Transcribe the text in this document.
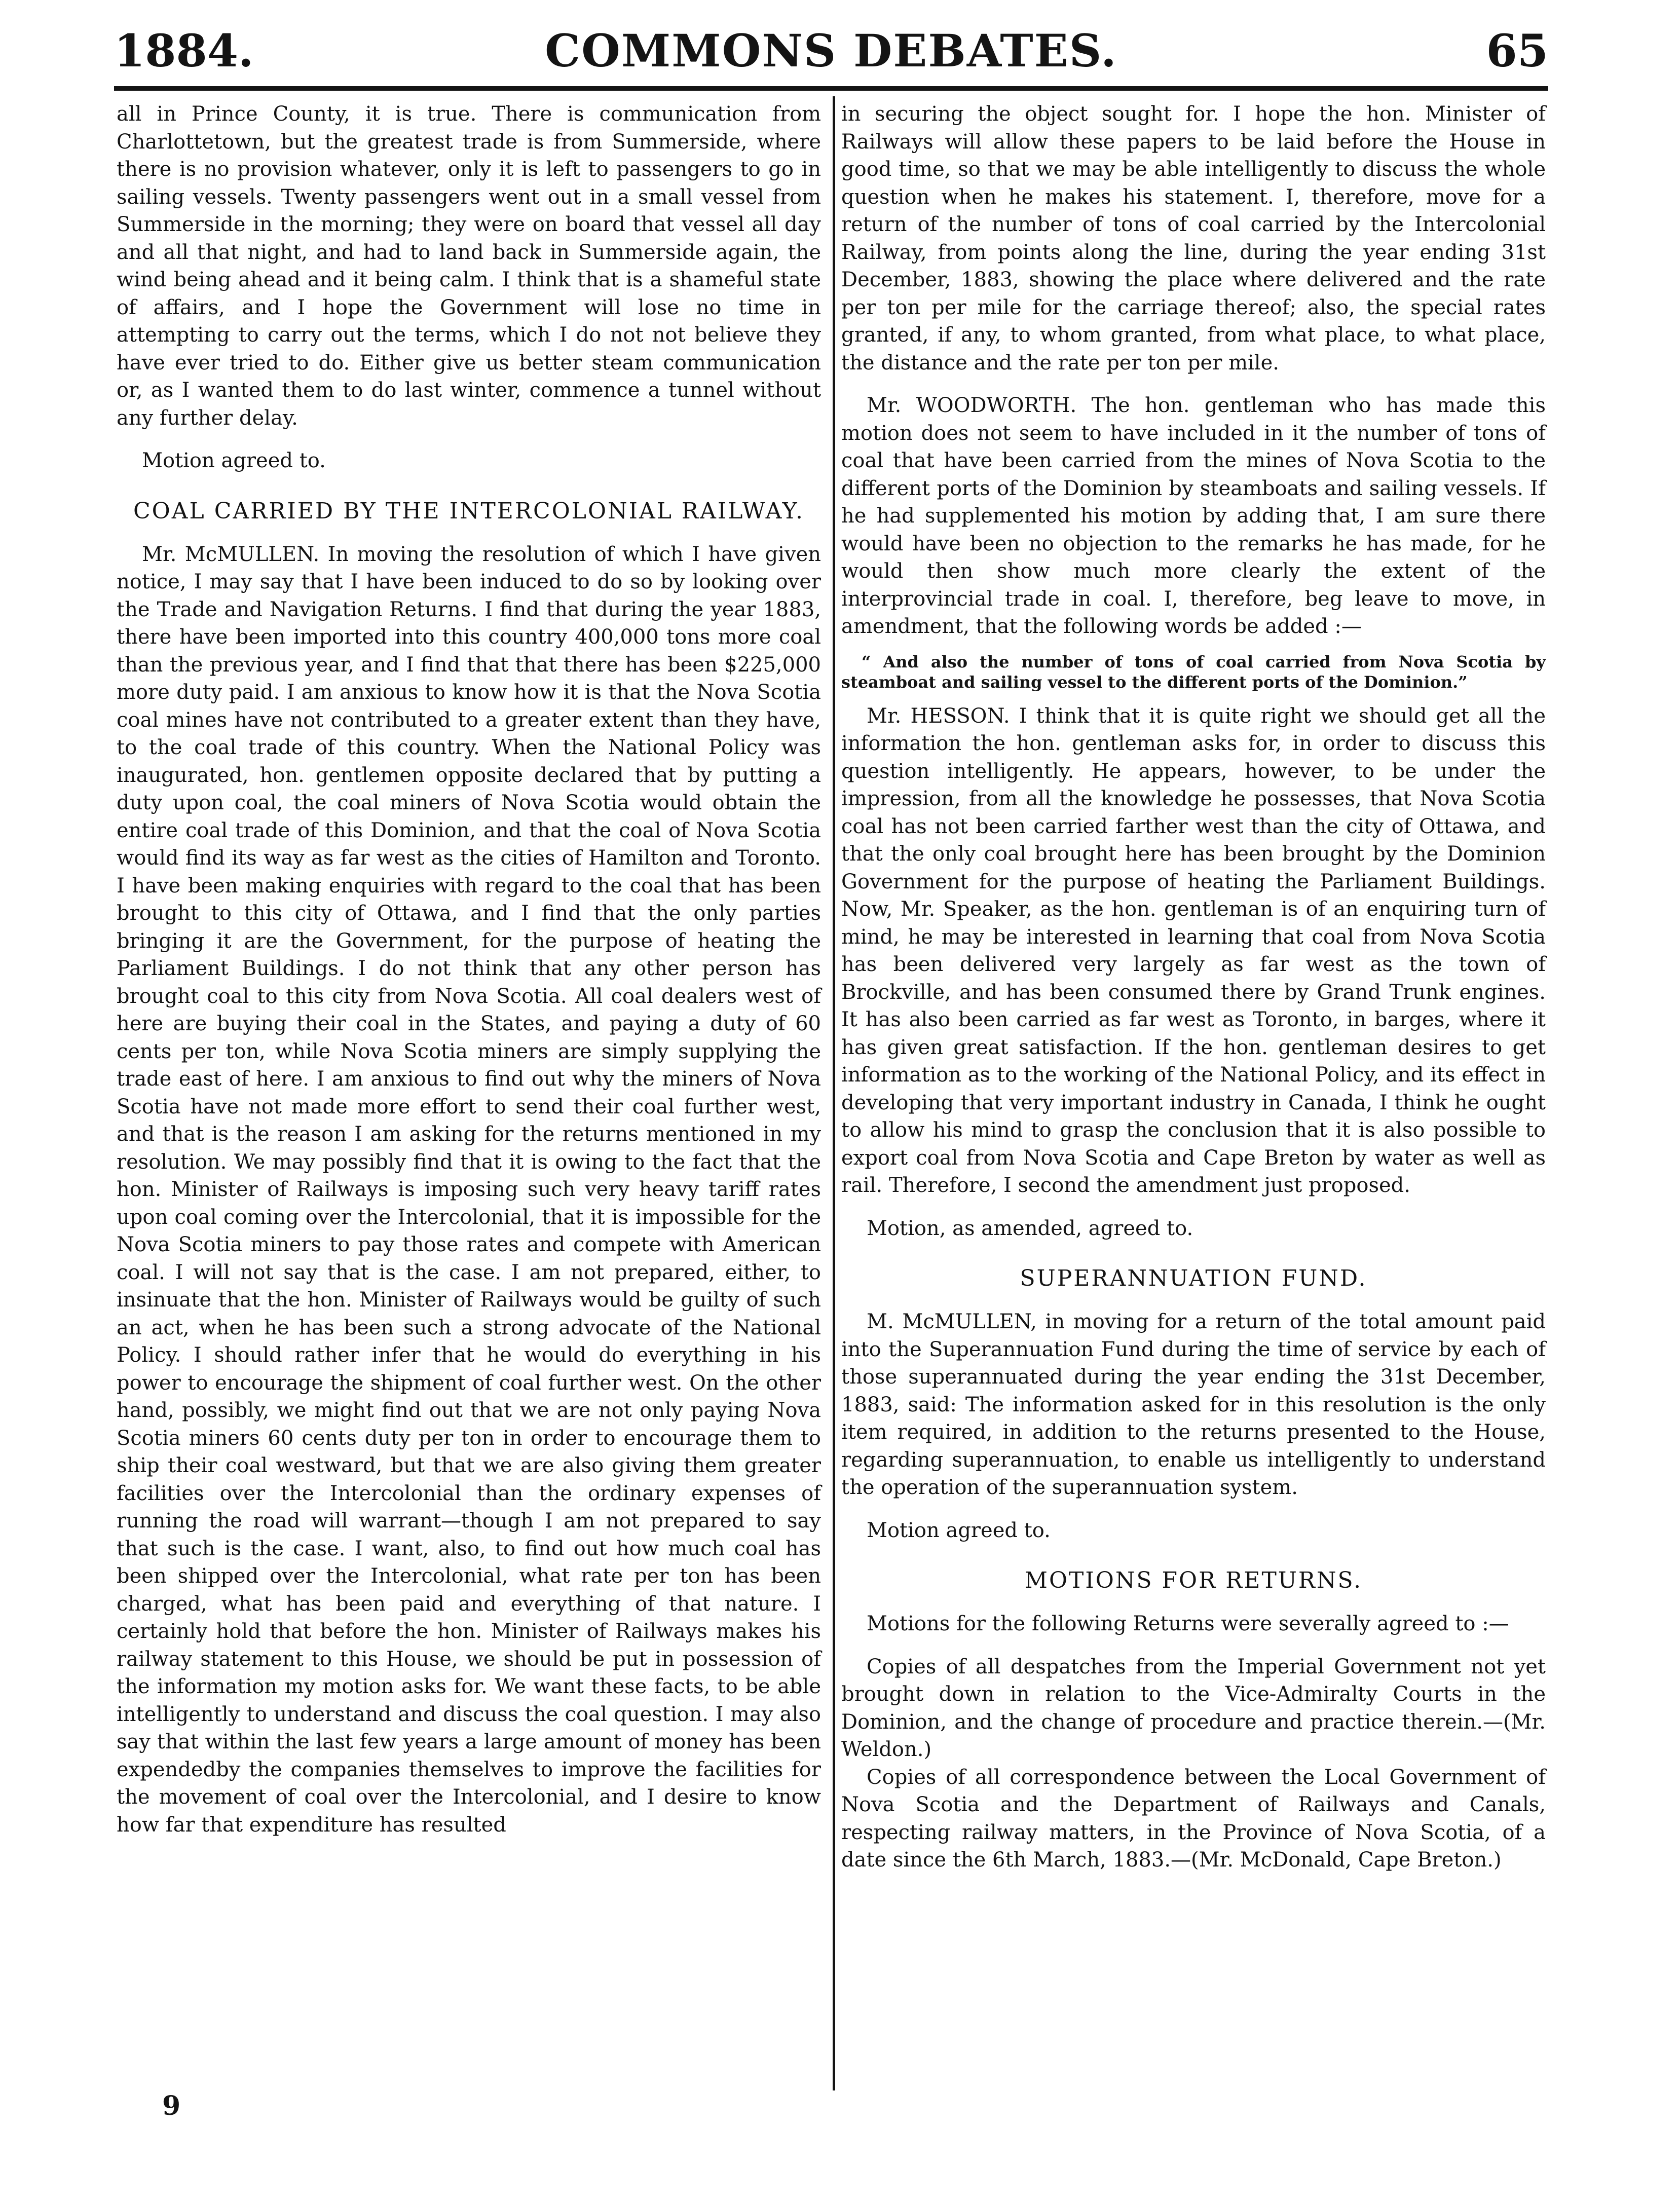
1884.	COMMONS DEBATES.	65

all in Prince County, it is true. There is communication from Charlottetown, but the greatest trade is from Summerside, where there is no provision whatever, only it is left to passengers to go in sailing vessels. Twenty passengers went out in a small vessel from Summerside in the morning; they were on board that vessel all day and all that night, and had to land back in Summerside again, the wind being ahead and it being calm. I think that is a shameful state of affairs, and I hope the Government will lose no time in attempting to carry out the terms, which I do not not believe they have ever tried to do. Either give us better steam communication or, as I wanted them to do last winter, commence a tunnel without any further delay.

Motion agreed to.

COAL CARRIED BY THE INTERCOLONIAL RAILWAY.

Mr. McMULLEN. In moving the resolution of which I have given notice, I may say that I have been induced to do so by looking over the Trade and Navigation Returns. I find that during the year 1883, there have been imported into this country 400,000 tons more coal than the previous year, and I find that that there has been $225,000 more duty paid. I am anxious to know how it is that the Nova Scotia coal mines have not contributed to a greater extent than they have, to the coal trade of this country. When the National Policy was inaugurated, hon. gentlemen opposite declared that by putting a duty upon coal, the coal miners of Nova Scotia would obtain the entire coal trade of this Dominion, and that the coal of Nova Scotia would find its way as far west as the cities of Hamilton and Toronto. I have been making enquiries with regard to the coal that has been brought to this city of Ottawa, and I find that the only parties bringing it are the Government, for the purpose of heating the Parliament Buildings. I do not think that any other person has brought coal to this city from Nova Scotia. All coal dealers west of here are buying their coal in the States, and paying a duty of 60 cents per ton, while Nova Scotia miners are simply supplying the trade east of here. I am anxious to find out why the miners of Nova Scotia have not made more effort to send their coal further west, and that is the reason I am asking for the returns mentioned in my resolution. We may possibly find that it is owing to the fact that the hon. Minister of Railways is imposing such very heavy tariff rates upon coal coming over the Intercolonial, that it is impossible for the Nova Scotia miners to pay those rates and compete with American coal. I will not say that is the case. I am not prepared, either, to insinuate that the hon. Minister of Railways would be guilty of such an act, when he has been such a strong advocate of the National Policy. I should rather infer that he would do everything in his power to encourage the shipment of coal further west. On the other hand, possibly, we might find out that we are not only paying Nova Scotia miners 60 cents duty per ton in order to encourage them to ship their coal westward, but that we are also giving them greater facilities over the Intercolonial than the ordinary expenses of running the road will warrant—though I am not prepared to say that such is the case. I want, also, to find out how much coal has been shipped over the Intercolonial, what rate per ton has been charged, what has been paid and everything of that nature. I certainly hold that before the hon. Minister of Railways makes his railway statement to this House, we should be put in possession of the information my motion asks for. We want these facts, to be able intelligently to understand and discuss the coal question. I may also say that within the last few years a large amount of money has been expendedby the companies themselves to improve the facilities for the movement of coal over the Intercolonial, and I desire to know how far that expenditure has resulted

in securing the object sought for. I hope the hon. Minister of Railways will allow these papers to be laid before the House in good time, so that we may be able intelligently to discuss the whole question when he makes his statement. I, therefore, move for a return of the number of tons of coal carried by the Intercolonial Railway, from points along the line, during the year ending 31st December, 1883, showing the place where delivered and the rate per ton per mile for the carriage thereof; also, the special rates granted, if any, to whom granted, from what place, to what place, the distance and the rate per ton per mile.

Mr. WOODWORTH. The hon. gentleman who has made this motion does not seem to have included in it the number of tons of coal that have been carried from the mines of Nova Scotia to the different ports of the Dominion by steamboats and sailing vessels. If he had supplemented his motion by adding that, I am sure there would have been no objection to the remarks he has made, for he would then show much more clearly the extent of the interprovincial trade in coal. I, therefore, beg leave to move, in amendment, that the following words be added :—

“ And also the number of tons of coal carried from Nova Scotia by steamboat and sailing vessel to the different ports of the Dominion.”

Mr. HESSON. I think that it is quite right we should get all the information the hon. gentleman asks for, in order to discuss this question intelligently. He appears, however, to be under the impression, from all the knowledge he possesses, that Nova Scotia coal has not been carried farther west than the city of Ottawa, and that the only coal brought here has been brought by the Dominion Government for the purpose of heating the Parliament Buildings. Now, Mr. Speaker, as the hon. gentleman is of an enquiring turn of mind, he may be interested in learning that coal from Nova Scotia has been delivered very largely as far west as the town of Brockville, and has been consumed there by Grand Trunk engines. It has also been carried as far west as Toronto, in barges, where it has given great satisfaction. If the hon. gentleman desires to get information as to the working of the National Policy, and its effect in developing that very important industry in Canada, I think he ought to allow his mind to grasp the conclusion that it is also possible to export coal from Nova Scotia and Cape Breton by water as well as rail. Therefore, I second the amendment just proposed.

Motion, as amended, agreed to.

SUPERANNUATION FUND.

M. McMULLEN, in moving for a return of the total amount paid into the Superannuation Fund during the time of service by each of those superannuated during the year ending the 31st December, 1883, said: The information asked for in this resolution is the only item required, in addition to the returns presented to the House, regarding superannuation, to enable us intelligently to understand the operation of the superannuation system.

Motion agreed to.

MOTIONS FOR RETURNS.

Motions for the following Returns were severally agreed to :—

Copies of all despatches from the Imperial Government not yet brought down in relation to the Vice-Admiralty Courts in the Dominion, and the change of procedure and practice therein.—(Mr. Weldon.)

Copies of all correspondence between the Local Government of Nova Scotia and the Department of Railways and Canals, respecting railway matters, in the Province of Nova Scotia, of a date since the 6th March, 1883.—(Mr. McDonald, Cape Breton.)

9
